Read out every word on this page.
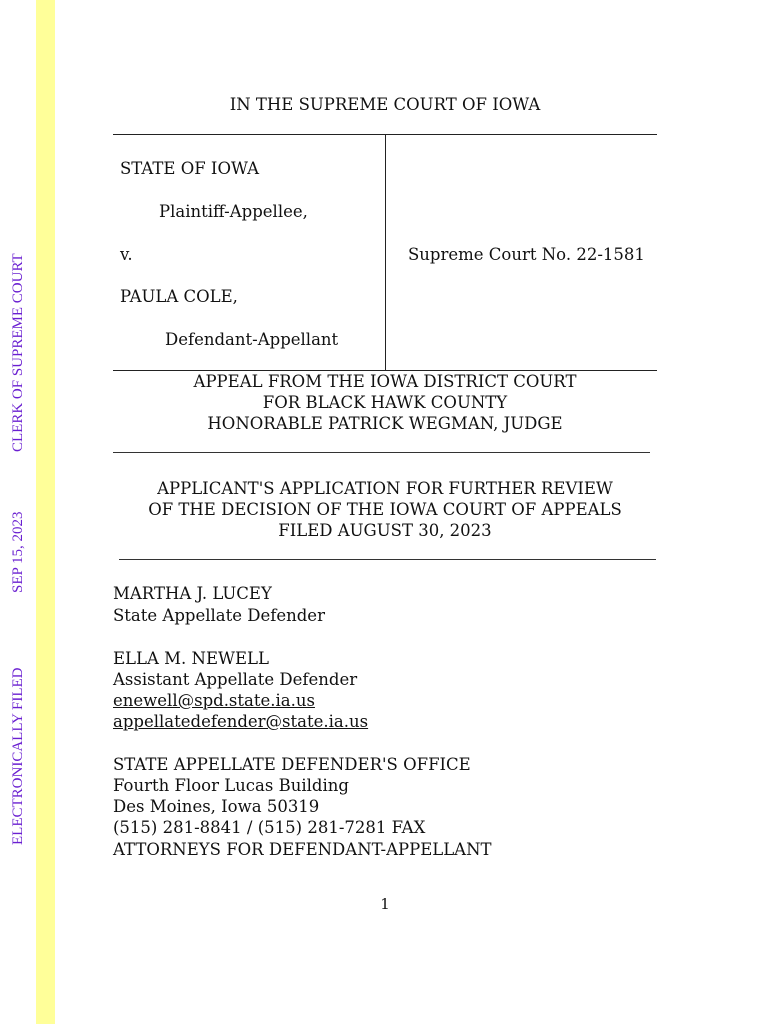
CLERK OF SUPREME COURT
SEP 15, 2023
ELECTRONICALLY FILED
IN THE SUPREME COURT OF IOWA
STATE OF IOWA
Plaintiff-Appellee,
v.
PAULA COLE,
Defendant-Appellant
Supreme Court No. 22-1581
APPEAL FROM THE IOWA DISTRICT COURT
FOR BLACK HAWK COUNTY
HONORABLE PATRICK WEGMAN, JUDGE
APPLICANT'S APPLICATION FOR FURTHER REVIEW
OF THE DECISION OF THE IOWA COURT OF APPEALS
FILED AUGUST 30, 2023
MARTHA J. LUCEY
State Appellate Defender
ELLA M. NEWELL
Assistant Appellate Defender
enewell@spd.state.ia.us
appellatedefender@state.ia.us
STATE APPELLATE DEFENDER'S OFFICE
Fourth Floor Lucas Building
Des Moines, Iowa 50319
(515) 281-8841 / (515) 281-7281 FAX
ATTORNEYS FOR DEFENDANT-APPELLANT
1
